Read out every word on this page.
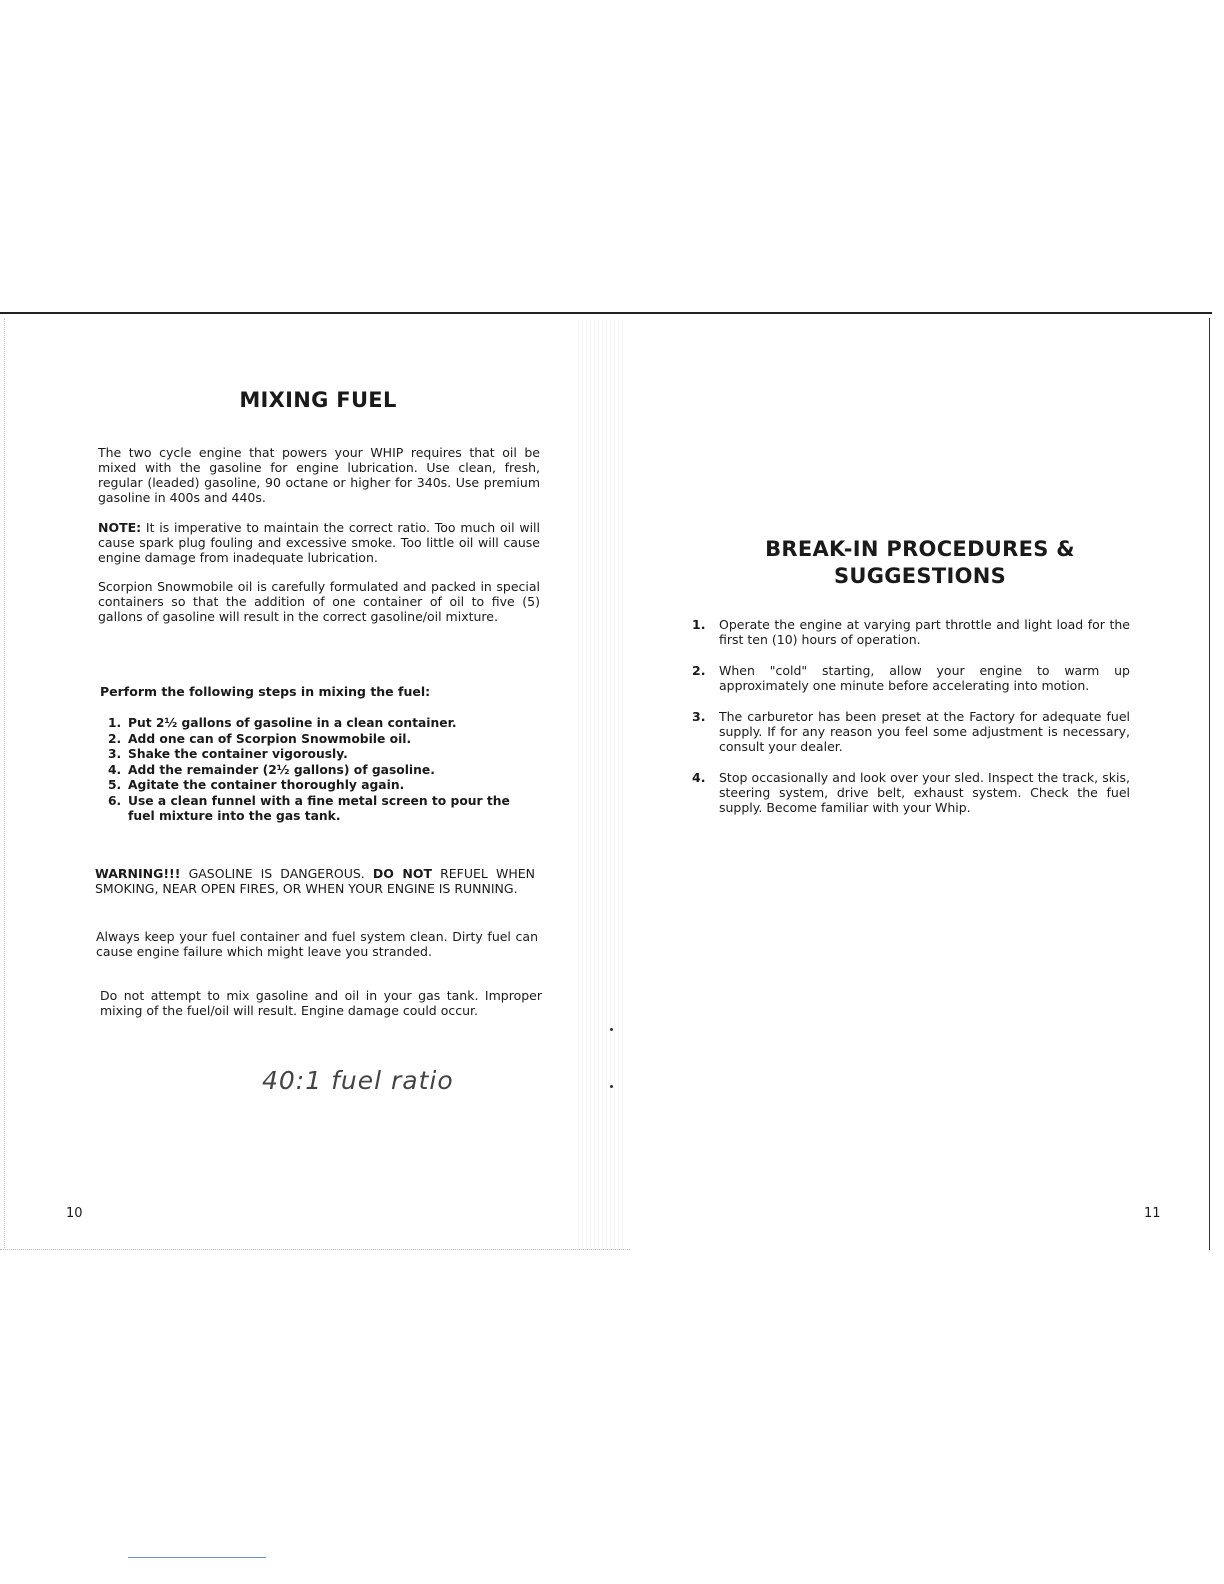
MIXING FUEL

The two cycle engine that powers your WHIP requires that oil be mixed with the gasoline for engine lubrication. Use clean, fresh, regular (leaded) gasoline, 90 octane or higher for 340s. Use premium gasoline in 400s and 440s.

NOTE: It is imperative to maintain the correct ratio. Too much oil will cause spark plug fouling and excessive smoke. Too little oil will cause engine damage from inadequate lubrication.

Scorpion Snowmobile oil is carefully formulated and packed in special containers so that the addition of one container of oil to five (5) gallons of gasoline will result in the correct gasoline/oil mixture.

Perform the following steps in mixing the fuel:
1. Put 2½ gallons of gasoline in a clean container.
2. Add one can of Scorpion Snowmobile oil.
3. Shake the container vigorously.
4. Add the remainder (2½ gallons) of gasoline.
5. Agitate the container thoroughly again.
6. Use a clean funnel with a fine metal screen to pour the fuel mixture into the gas tank.

WARNING!!! GASOLINE IS DANGEROUS. DO NOT REFUEL WHEN SMOKING, NEAR OPEN FIRES, OR WHEN YOUR ENGINE IS RUNNING.

Always keep your fuel container and fuel system clean. Dirty fuel can cause engine failure which might leave you stranded.

Do not attempt to mix gasoline and oil in your gas tank. Improper mixing of the fuel/oil will result. Engine damage could occur.

40:1 fuel ratio
10
BREAK-IN PROCEDURES &
SUGGESTIONS
1. Operate the engine at varying part throttle and light load for the first ten (10) hours of operation.
2. When "cold" starting, allow your engine to warm up approximately one minute before accelerating into motion.
3. The carburetor has been preset at the Factory for adequate fuel supply. If for any reason you feel some adjustment is necessary, consult your dealer.
4. Stop occasionally and look over your sled. Inspect the track, skis, steering system, drive belt, exhaust system. Check the fuel supply. Become familiar with your Whip.
11
